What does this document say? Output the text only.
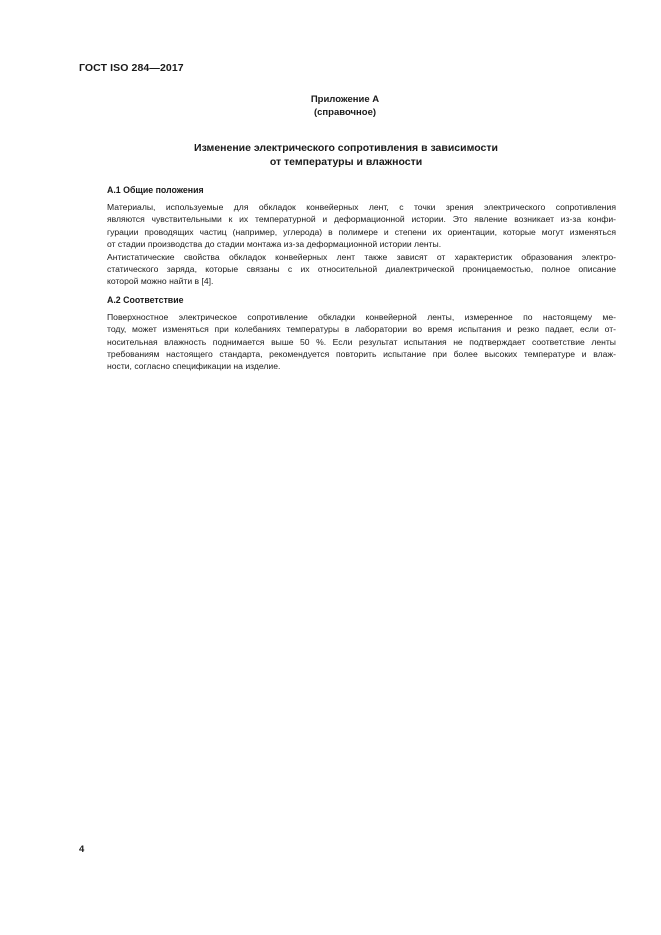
ГОСТ ISO 284—2017
Приложение А
(справочное)
Изменение электрического сопротивления в зависимости
от температуры и влажности
А.1 Общие положения

Материалы, используемые для обкладок конвейерных лент, с точки зрения электрического сопротивления
являются чувствительными к их температурной и деформационной истории. Это явление возникает из-за конфи-
гурации проводящих частиц (например, углерода) в полимере и степени их ориентации, которые могут изменяться
от стадии производства до стадии монтажа из-за деформационной истории ленты.

Антистатические свойства обкладок конвейерных лент также зависят от характеристик образования электро-
статического заряда, которые связаны с их относительной диалектрической проницаемостью, полное описание
которой можно найти в [4].

А.2 Соответствие

Поверхностное электрическое сопротивление обкладки конвейерной ленты, измеренное по настоящему ме-
тоду, может изменяться при колебаниях температуры в лаборатории во время испытания и резко падает, если от-
носительная влажность поднимается выше 50 %. Если результат испытания не подтверждает соответствие ленты
требованиям настоящего стандарта, рекомендуется повторить испытание при более высоких температуре и влаж-
ности, согласно спецификации на изделие.

4
